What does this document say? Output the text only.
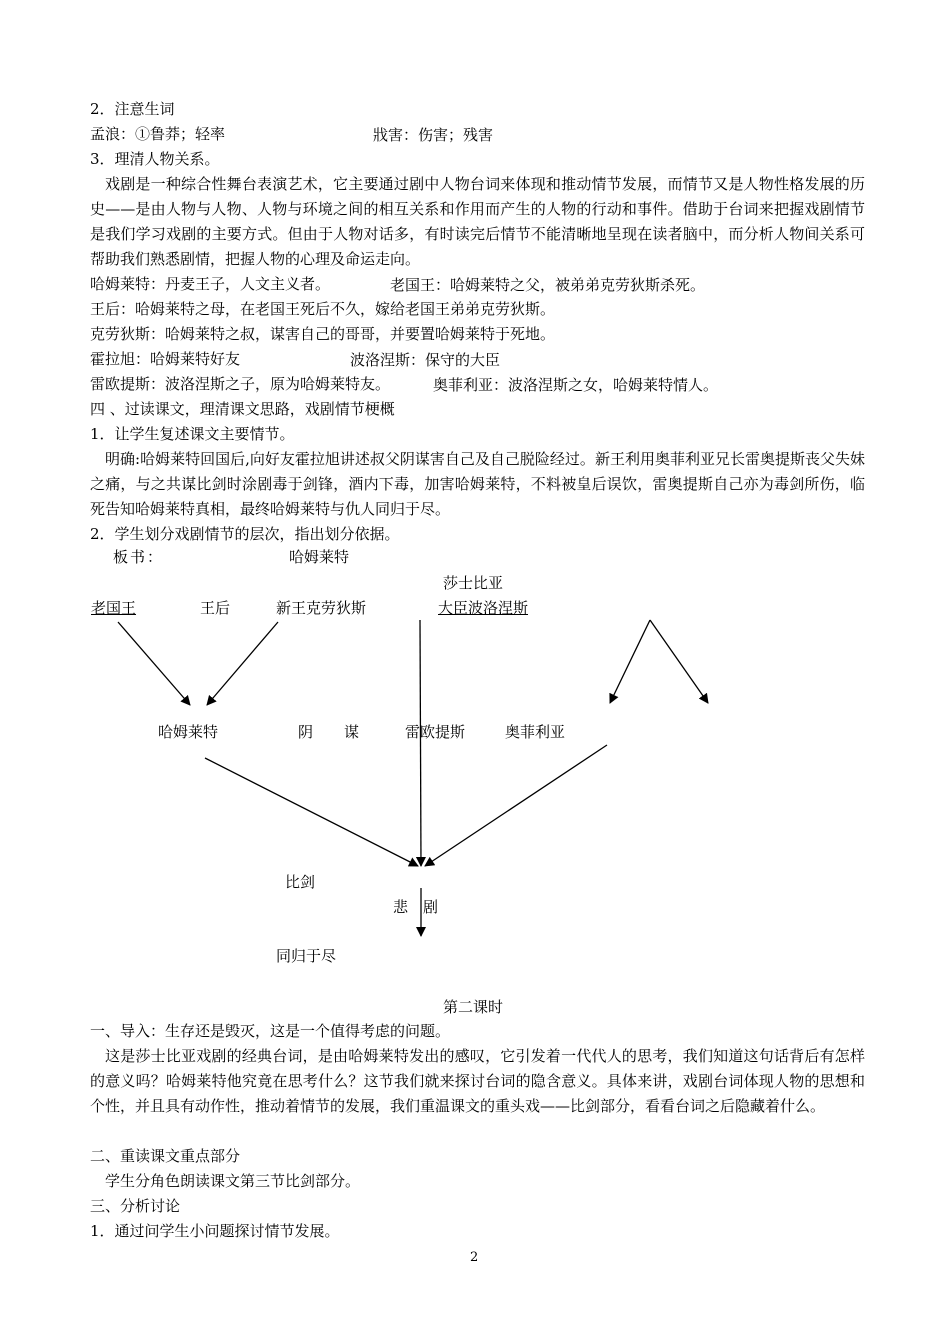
2．注意生词
孟浪：①鲁莽；轻率	戕害：伤害；残害
3．理清人物关系。
戏剧是一种综合性舞台表演艺术，它主要通过剧中人物台词来体现和推动情节发展，而情节又是人物性格发展的历史——是由人物与人物、人物与环境之间的相互关系和作用而产生的人物的行动和事件。借助于台词来把握戏剧情节是我们学习戏剧的主要方式。但由于人物对话多，有时读完后情节不能清晰地呈现在读者脑中，而分析人物间关系可帮助我们熟悉剧情，把握人物的心理及命运走向。
哈姆莱特：丹麦王子，人文主义者。	老国王：哈姆莱特之父，被弟弟克劳狄斯杀死。
王后：哈姆莱特之母，在老国王死后不久，嫁给老国王弟弟克劳狄斯。
克劳狄斯：哈姆莱特之叔，谋害自己的哥哥，并要置哈姆莱特于死地。
霍拉旭：哈姆莱特好友	波洛涅斯：保守的大臣
雷欧提斯：波洛涅斯之子，原为哈姆莱特友。	奥菲利亚：波洛涅斯之女，哈姆莱特情人。
四 、过读课文，理清课文思路，戏剧情节梗概
1．让学生复述课文主要情节。
明确:哈姆莱特回国后,向好友霍拉旭讲述叔父阴谋害自己及自己脱险经过。新王利用奥菲利亚兄长雷奥提斯丧父失妹之痛，与之共谋比剑时涂剧毒于剑锋，酒内下毒，加害哈姆莱特，不料被皇后误饮，雷奥提斯自己亦为毒剑所伤，临死告知哈姆莱特真相，最终哈姆莱特与仇人同归于尽。
2．学生划分戏剧情节的层次，指出划分依据。
板书：	哈姆莱特
莎士比亚
老国王	王后	新王克劳狄斯	大臣波洛涅斯
哈姆莱特	阴 谋	雷欧提斯	奥菲利亚
比剑
悲 剧
同归于尽
第二课时
一、导入：生存还是毁灭，这是一个值得考虑的问题。
这是莎士比亚戏剧的经典台词，是由哈姆莱特发出的感叹，它引发着一代代人的思考，我们知道这句话背后有怎样的意义吗？哈姆莱特他究竟在思考什么？这节我们就来探讨台词的隐含意义。具体来讲，戏剧台词体现人物的思想和个性，并且具有动作性，推动着情节的发展，我们重温课文的重头戏——比剑部分，看看台词之后隐藏着什么。
二、重读课文重点部分
学生分角色朗读课文第三节比剑部分。
三、分析讨论
1．通过问学生小问题探讨情节发展。
2
